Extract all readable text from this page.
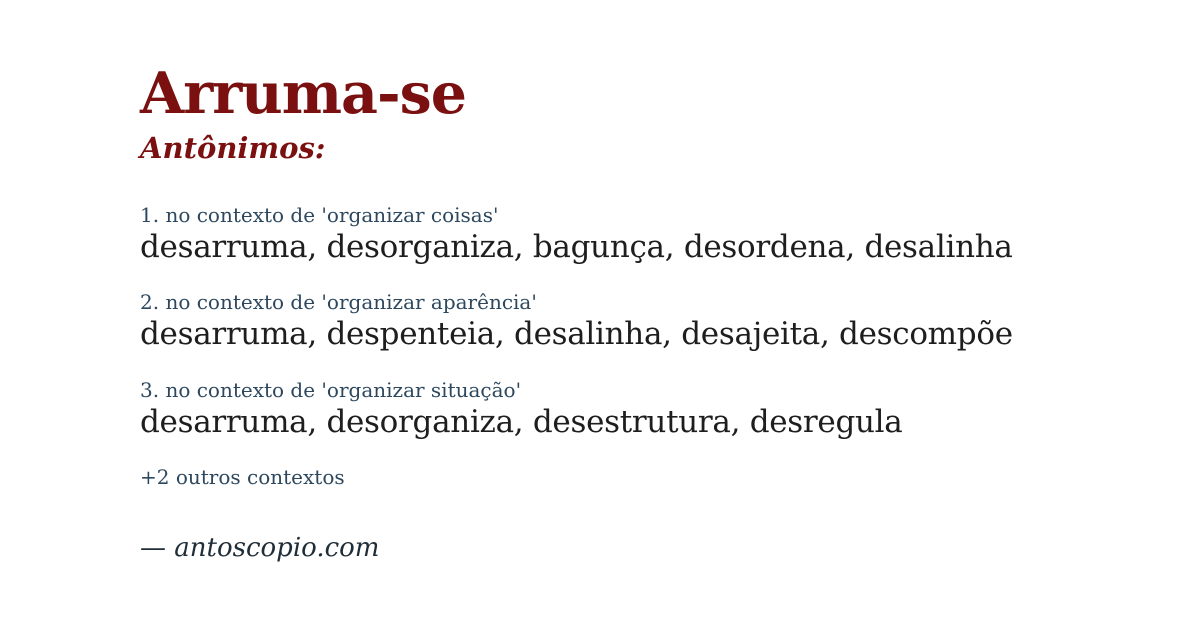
Arruma-se
Antônimos:
1. no contexto de 'organizar coisas'
desarruma, desorganiza, bagunça, desordena, desalinha
2. no contexto de 'organizar aparência'
desarruma, despenteia, desalinha, desajeita, descompõe
3. no contexto de 'organizar situação'
desarruma, desorganiza, desestrutura, desregula
+2 outros contextos
— antoscopio.com
